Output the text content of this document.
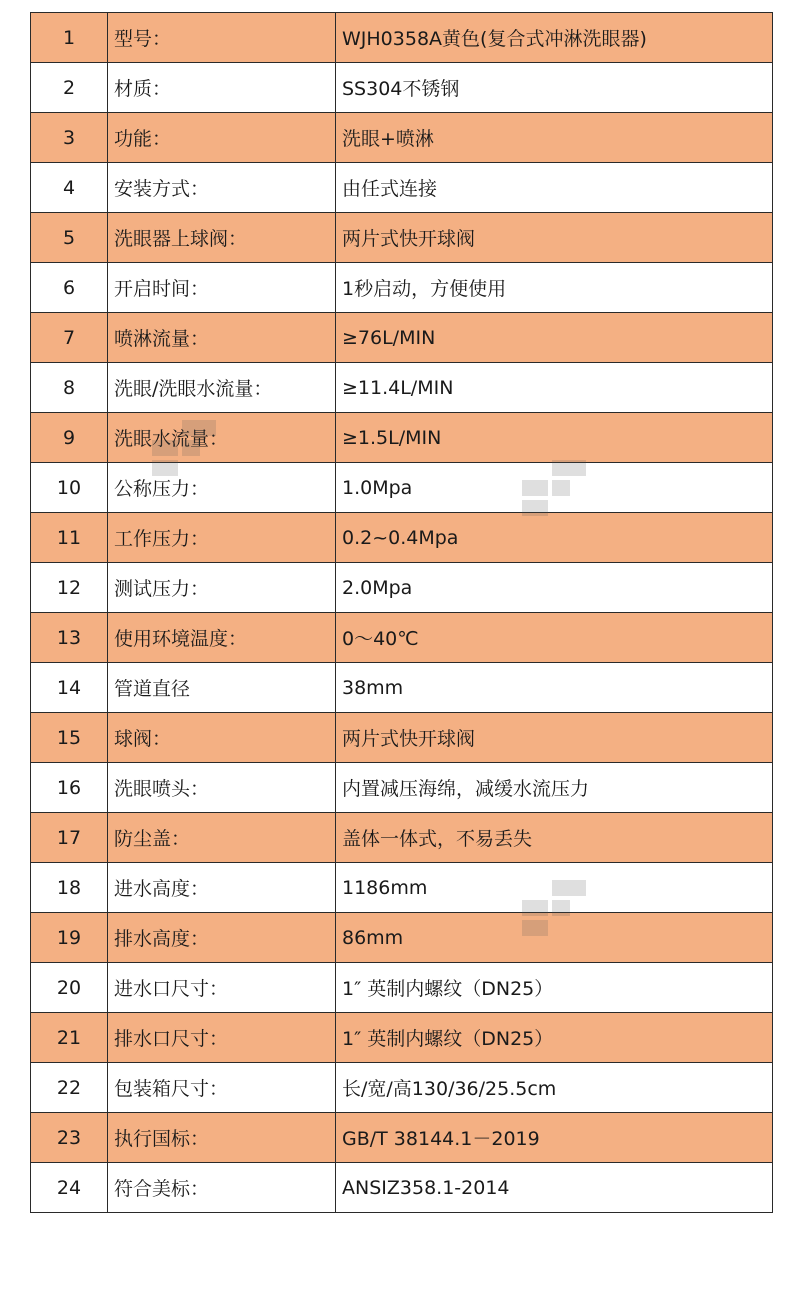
1	型号：	WJH0358A黄色(复合式冲淋洗眼器)
2	材质：	SS304不锈钢
3	功能：	洗眼+喷淋
4	安装方式：	由任式连接
5	洗眼器上球阀：	两片式快开球阀
6	开启时间：	1秒启动，方便使用
7	喷淋流量：	≥76L/MIN
8	洗眼/洗眼水流量：	≥11.4L/MIN
9	洗眼水流量：	≥1.5L/MIN
10	公称压力：	1.0Mpa
11	工作压力：	0.2~0.4Mpa
12	测试压力：	2.0Mpa
13	使用环境温度：	0～40℃
14	管道直径	38mm
15	球阀：	两片式快开球阀
16	洗眼喷头：	内置减压海绵，减缓水流压力
17	防尘盖：	盖体一体式，不易丢失
18	进水高度：	1186mm
19	排水高度：	86mm
20	进水口尺寸：	1″ 英制内螺纹（DN25）
21	排水口尺寸：	1″ 英制内螺纹（DN25）
22	包装箱尺寸：	长/宽/高130/36/25.5cm
23	执行国标：	GB/T 38144.1－2019
24	符合美标：	ANSIZ358.1-2014
